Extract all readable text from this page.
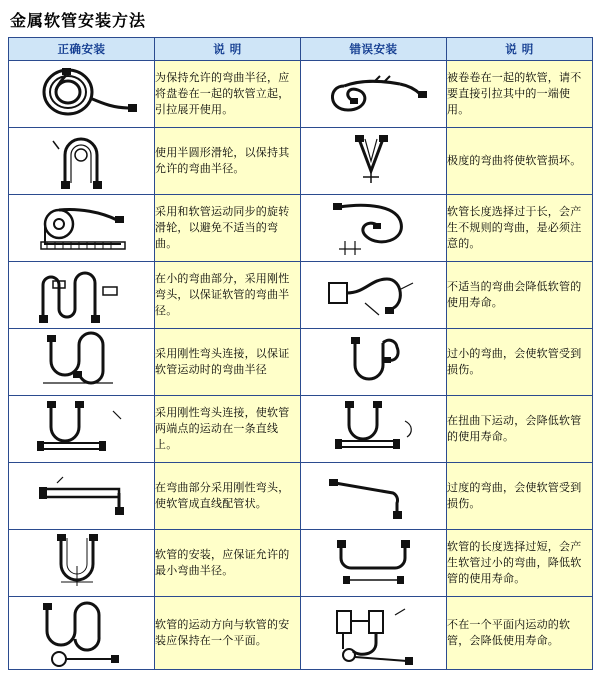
金属软管安装方法
正确安装	说 明	错误安装	说 明

	为保持允许的弯曲半径，应将盘卷在一起的软管立起，引拉展开使用。		被卷卷在一起的软管，请不要直接引拉其中的一端使用。

	使用半圆形滑轮，以保持其允许的弯曲半径。		极度的弯曲将使软管损坏。

	采用和软管运动同步的旋转滑轮，以避免不适当的弯曲。		软管长度选择过于长，会产生不规则的弯曲，是必须注意的。

	在小的弯曲部分，采用刚性弯头，以保证软管的弯曲半径。		不适当的弯曲会降低软管的使用寿命。

	采用刚性弯头连接，以保证软管运动时的弯曲半径		过小的弯曲，会使软管受到损伤。

	采用刚性弯头连接，使软管两端点的运动在一条直线上。		在扭曲下运动，会降低软管的使用寿命。

	在弯曲部分采用刚性弯头，使软管成直线配管状。		过度的弯曲，会使软管受到损伤。

	软管的安装，应保证允许的最小弯曲半径。		软管的长度选择过短，会产生软管过小的弯曲，降低软管的使用寿命。

	软管的运动方向与软管的安装应保持在一个平面。		不在一个平面内运动的软管，会降低使用寿命。
